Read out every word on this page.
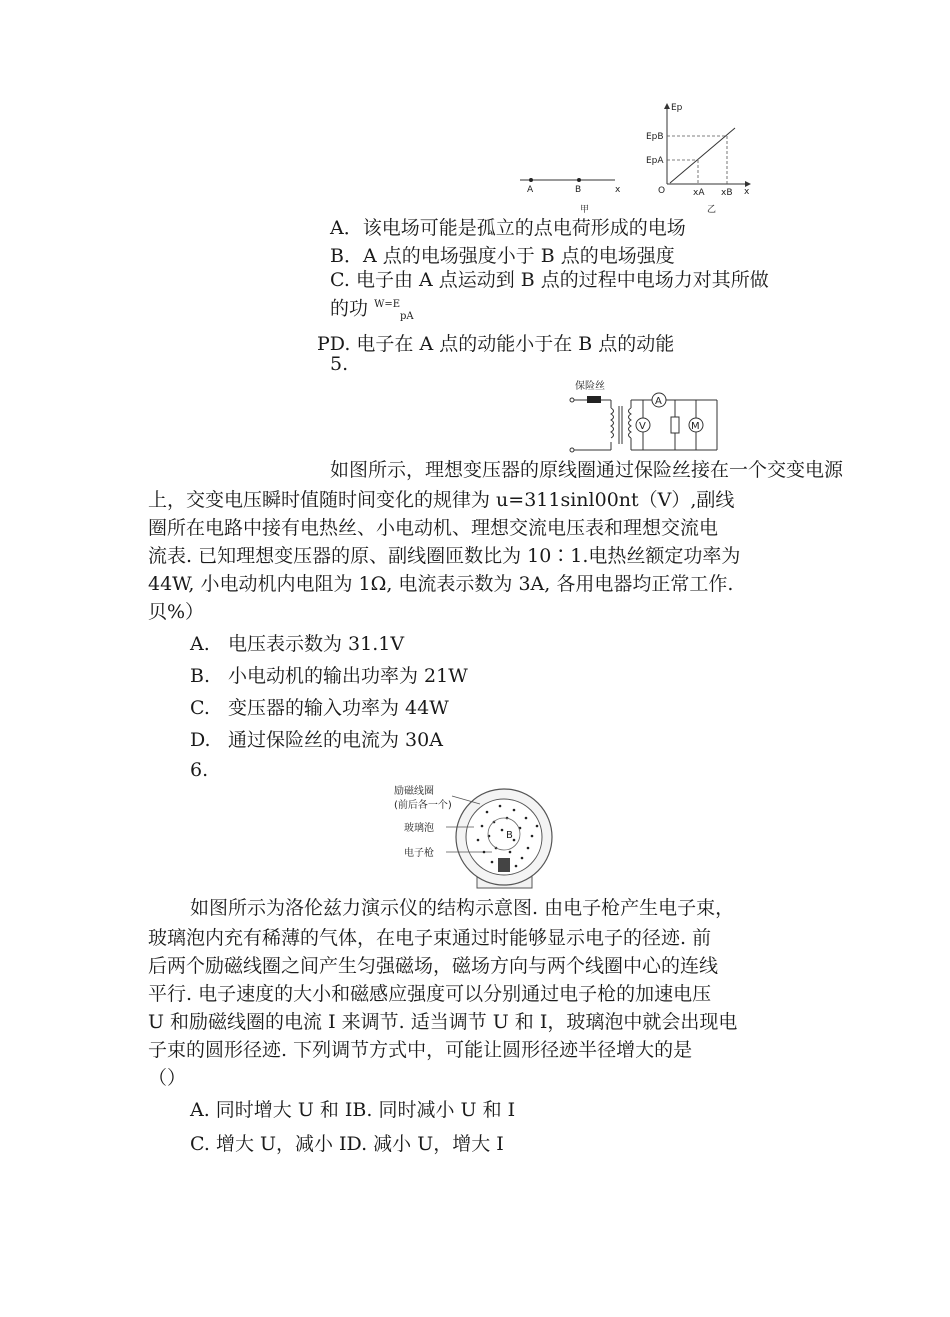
A	B	x
甲
Ep
EpB
EpA
O	xA xB x
乙
A．该电场可能是孤立的点电荷形成的电场
B．A 点的电场强度小于 B 点的电场强度
C. 电子由 A 点运动到 B 点的过程中电场力对其所做
的功 $^{W=E}_{pA}$
PD. 电子在 A 点的动能小于在 B 点的动能
5.
保险丝
A
V	M
如图所示，理想变压器的原线圈通过保险丝接在一个交变电源
上，交变电压瞬时值随时间变化的规律为 u=311sinl00nt（V）,副线
圈所在电路中接有电热丝、小电动机、理想交流电压表和理想交流电
流表. 已知理想变压器的原、副线圈匝数比为 10∶1.电热丝额定功率为
44W, 小电动机内电阻为 1Ω, 电流表示数为 3A, 各用电器均正常工作.
贝%）
A. 电压表示数为 31.1V
B. 小电动机的输出功率为 21W
C. 变压器的输入功率为 44W
D. 通过保险丝的电流为 30A
6.
励磁线圈
(前后各一个)
玻璃泡
电子枪
B
如图所示为洛伦兹力演示仪的结构示意图. 由电子枪产生电子束，
玻璃泡内充有稀薄的气体，在电子束通过时能够显示电子的径迹. 前
后两个励磁线圈之间产生匀强磁场，磁场方向与两个线圈中心的连线
平行. 电子速度的大小和磁感应强度可以分别通过电子枪的加速电压
U 和励磁线圈的电流 I 来调节. 适当调节 U 和 I，玻璃泡中就会出现电
子束的圆形径迹. 下列调节方式中，可能让圆形径迹半径增大的是
（）
A. 同时增大 U 和 IB. 同时减小 U 和 I
C. 增大 U，减小 ID. 减小 U，增大 I
